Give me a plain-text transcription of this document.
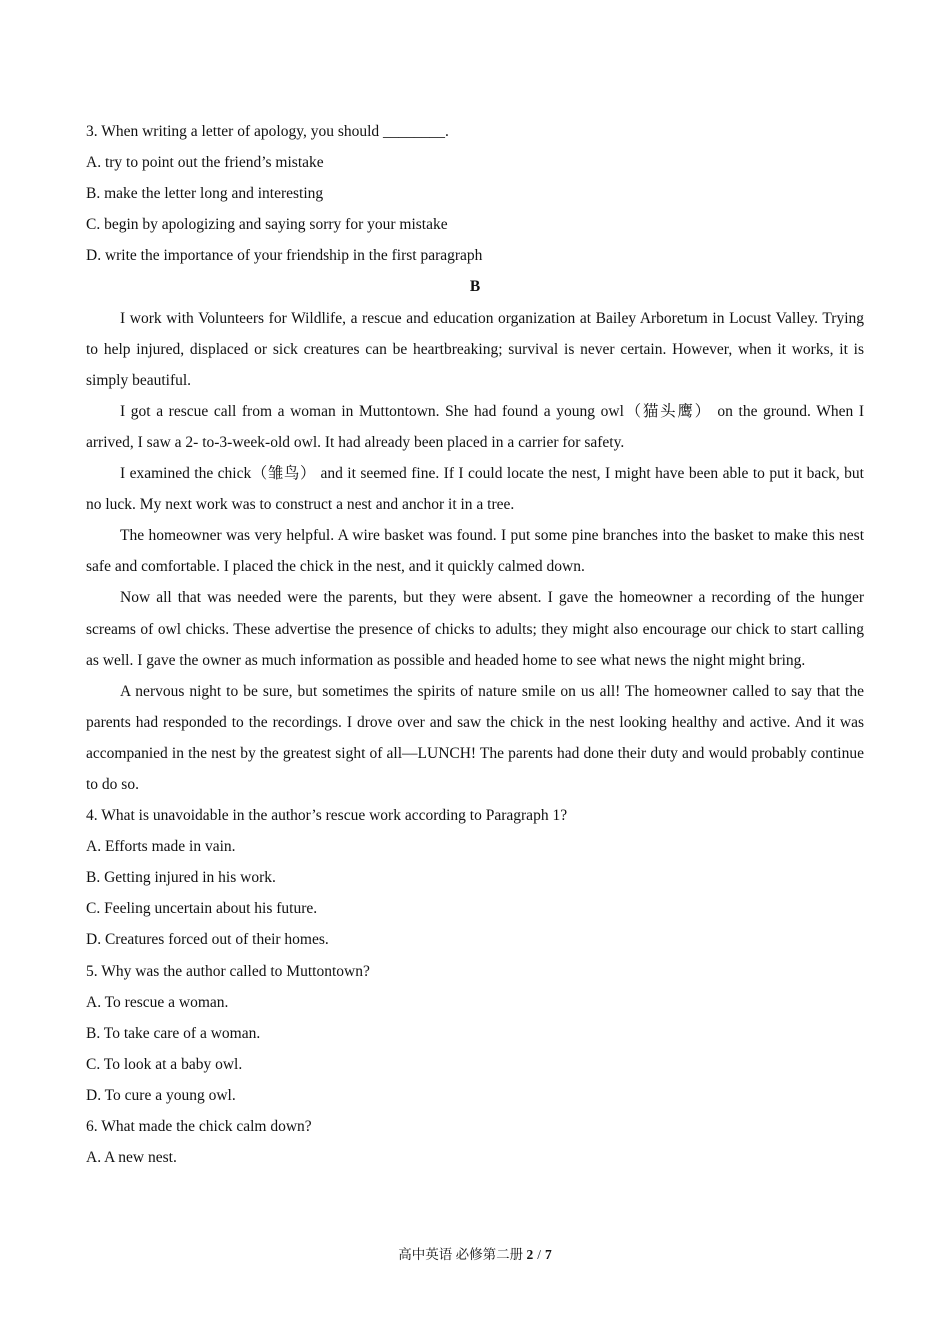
3. When writing a letter of apology, you should ________.

A. try to point out the friend’s mistake

B. make the letter long and interesting

C. begin by apologizing and saying sorry for your mistake

D. write the importance of your friendship in the first paragraph

B

I work with Volunteers for Wildlife, a rescue and education organization at Bailey Arboretum in Locust Valley. Trying to help injured, displaced or sick creatures can be heartbreaking; survival is never certain. However, when it works, it is simply beautiful.

I got a rescue call from a woman in Muttontown. She had found a young owl（猫头鹰） on the ground. When I arrived, I saw a 2- to-3-week-old owl. It had already been placed in a carrier for safety.

I examined the chick（雏鸟） and it seemed fine. If I could locate the nest, I might have been able to put it back, but no luck. My next work was to construct a nest and anchor it in a tree.

The homeowner was very helpful. A wire basket was found. I put some pine branches into the basket to make this nest safe and comfortable. I placed the chick in the nest, and it quickly calmed down.

Now all that was needed were the parents, but they were absent. I gave the homeowner a recording of the hunger screams of owl chicks. These advertise the presence of chicks to adults; they might also encourage our chick to start calling as well. I gave the owner as much information as possible and headed home to see what news the night might bring.

A nervous night to be sure, but sometimes the spirits of nature smile on us all! The homeowner called to say that the parents had responded to the recordings. I drove over and saw the chick in the nest looking healthy and active. And it was accompanied in the nest by the greatest sight of all—LUNCH! The parents had done their duty and would probably continue to do so.

4. What is unavoidable in the author’s rescue work according to Paragraph 1?

A. Efforts made in vain.

B. Getting injured in his work.

C. Feeling uncertain about his future.

D. Creatures forced out of their homes.

5. Why was the author called to Muttontown?

A. To rescue a woman.

B. To take care of a woman.

C. To look at a baby owl.

D. To cure a young owl.

6. What made the chick calm down?

A. A new nest.

高中英语 必修第二册 2 / 7
